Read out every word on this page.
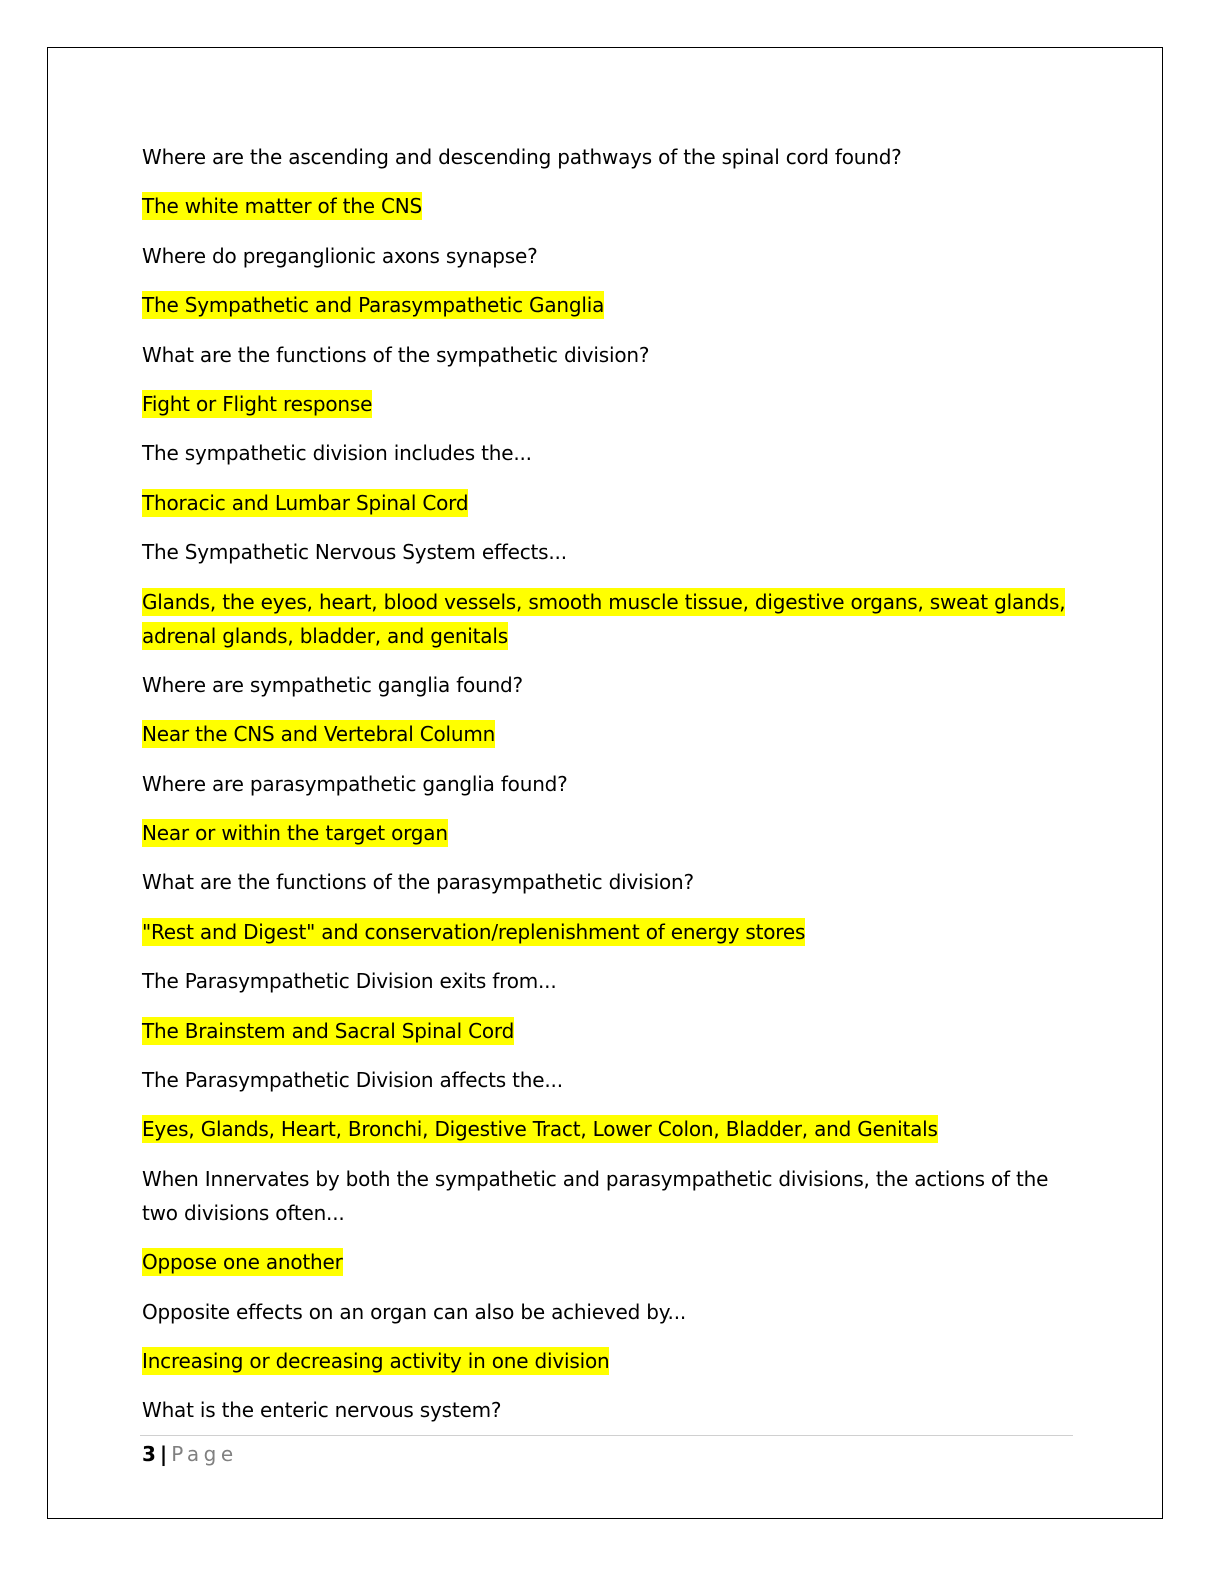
Where are the ascending and descending pathways of the spinal cord found?

The white matter of the CNS

Where do preganglionic axons synapse?

The Sympathetic and Parasympathetic Ganglia

What are the functions of the sympathetic division?

Fight or Flight response

The sympathetic division includes the...

Thoracic and Lumbar Spinal Cord

The Sympathetic Nervous System effects...

Glands, the eyes, heart, blood vessels, smooth muscle tissue, digestive organs, sweat glands, adrenal glands, bladder, and genitals

Where are sympathetic ganglia found?

Near the CNS and Vertebral Column

Where are parasympathetic ganglia found?

Near or within the target organ

What are the functions of the parasympathetic division?

"Rest and Digest" and conservation/replenishment of energy stores

The Parasympathetic Division exits from...

The Brainstem and Sacral Spinal Cord

The Parasympathetic Division affects the...

Eyes, Glands, Heart, Bronchi, Digestive Tract, Lower Colon, Bladder, and Genitals

When Innervates by both the sympathetic and parasympathetic divisions, the actions of the two divisions often...

Oppose one another

Opposite effects on an organ can also be achieved by...

Increasing or decreasing activity in one division

What is the enteric nervous system?

3 | Page
